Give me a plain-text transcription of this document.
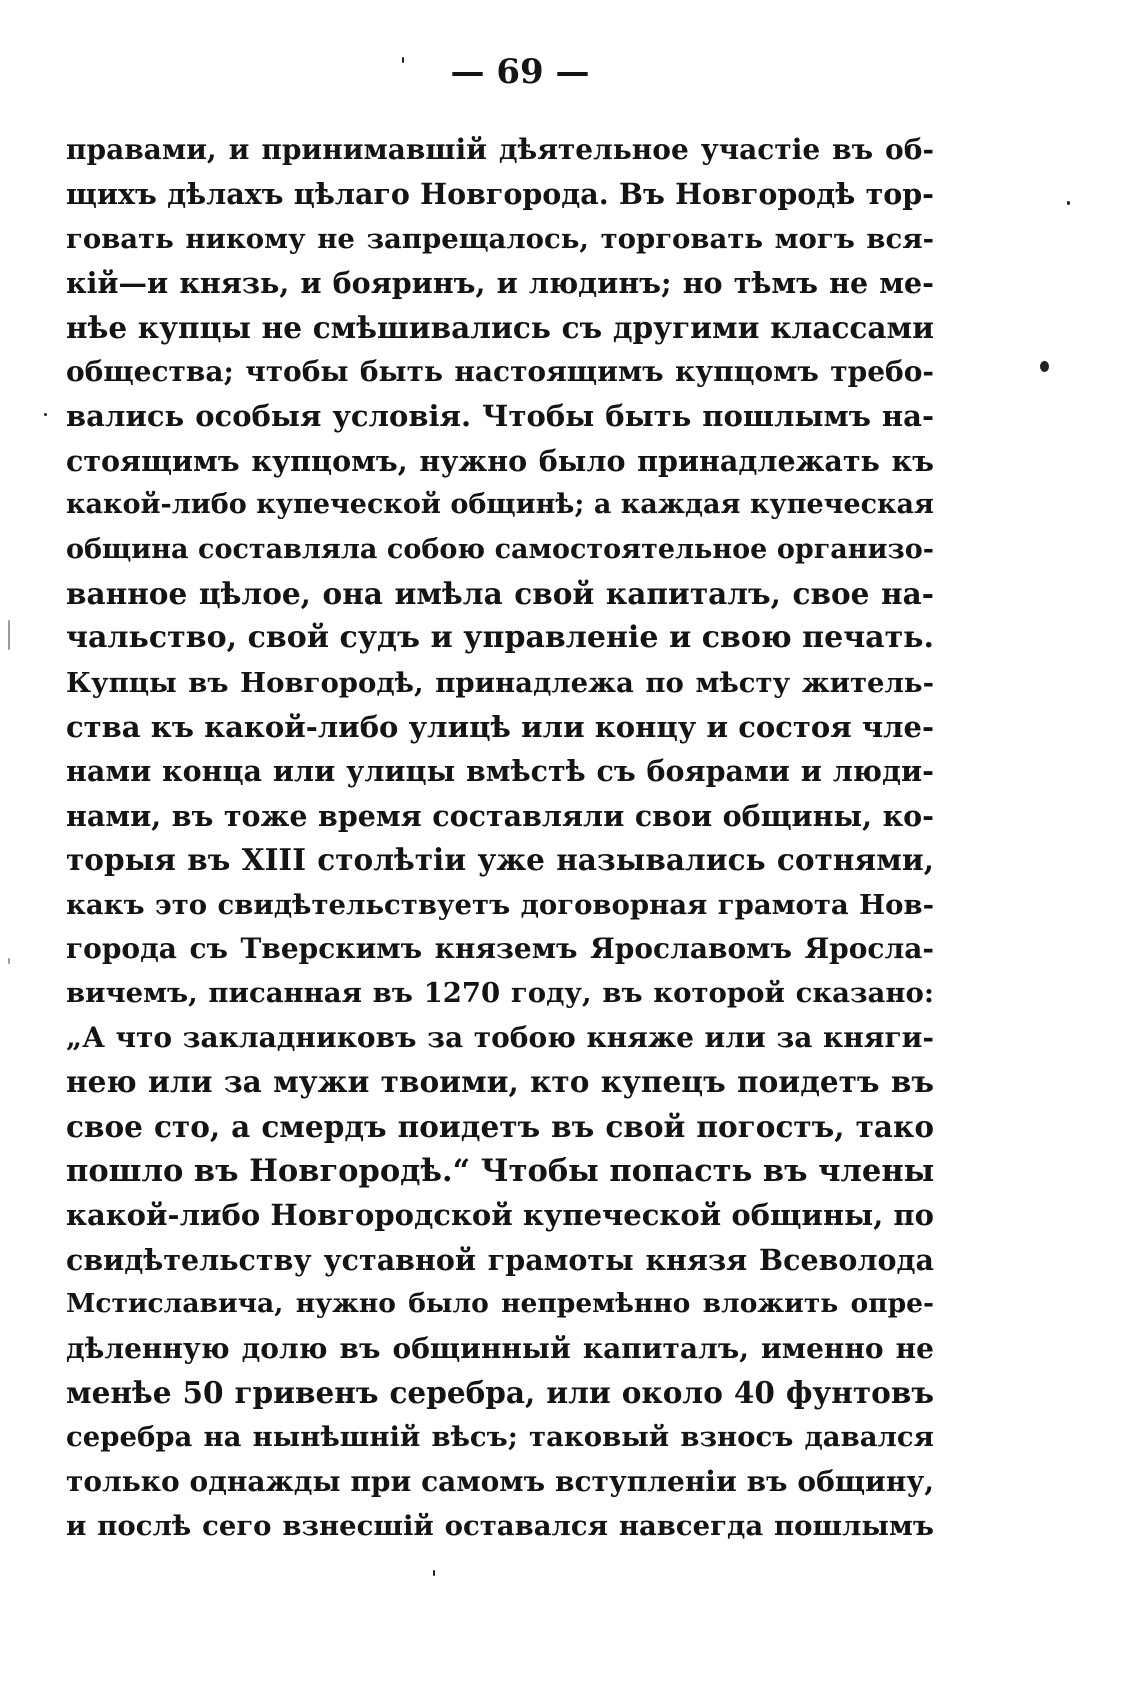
— 69 —
правами, и принимавшій дѣятельное участіе въ об-
щихъ дѣлахъ цѣлаго Новгорода. Въ Новгородѣ тор-
говать никому не запрещалось, торговать могъ вся-
кій—и князь, и бояринъ, и людинъ; но тѣмъ не ме-
нѣе купцы не смѣшивались съ другими классами
общества; чтобы быть настоящимъ купцомъ требо-
вались особыя условія. Чтобы быть пошлымъ на-
стоящимъ купцомъ, нужно было принадлежать къ
какой-либо купеческой общинѣ; а каждая купеческая
община составляла собою самостоятельное организо-
ванное цѣлое, она имѣла свой капиталъ, свое на-
чальство, свой судъ и управленіе и свою печать.
Купцы въ Новгородѣ, принадлежа по мѣсту житель-
ства къ какой-либо улицѣ или концу и состоя чле-
нами конца или улицы вмѣстѣ съ боярами и люди-
нами, въ тоже время составляли свои общины, ко-
торыя въ XIII столѣтіи уже назывались сотнями,
какъ это свидѣтельствуетъ договорная грамота Нов-
города съ Тверскимъ княземъ Ярославомъ Яросла-
вичемъ, писанная въ 1270 году, въ которой сказано:
„А что закладниковъ за тобою княже или за княги-
нею или за мужи твоими, кто купецъ поидетъ въ
свое сто, а смердъ поидетъ въ свой погостъ, тако
пошло въ Новгородѣ.“ Чтобы попасть въ члены
какой-либо Новгородской купеческой общины, по
свидѣтельству уставной грамоты князя Всеволода
Мстиславича, нужно было непремѣнно вложить опре-
дѣленную долю въ общинный капиталъ, именно не
менѣе 50 гривенъ серебра, или около 40 фунтовъ
серебра на нынѣшній вѣсъ; таковый взносъ давался
только однажды при самомъ вступленіи въ общину,
и послѣ сего взнесшій оставался навсегда пошлымъ
